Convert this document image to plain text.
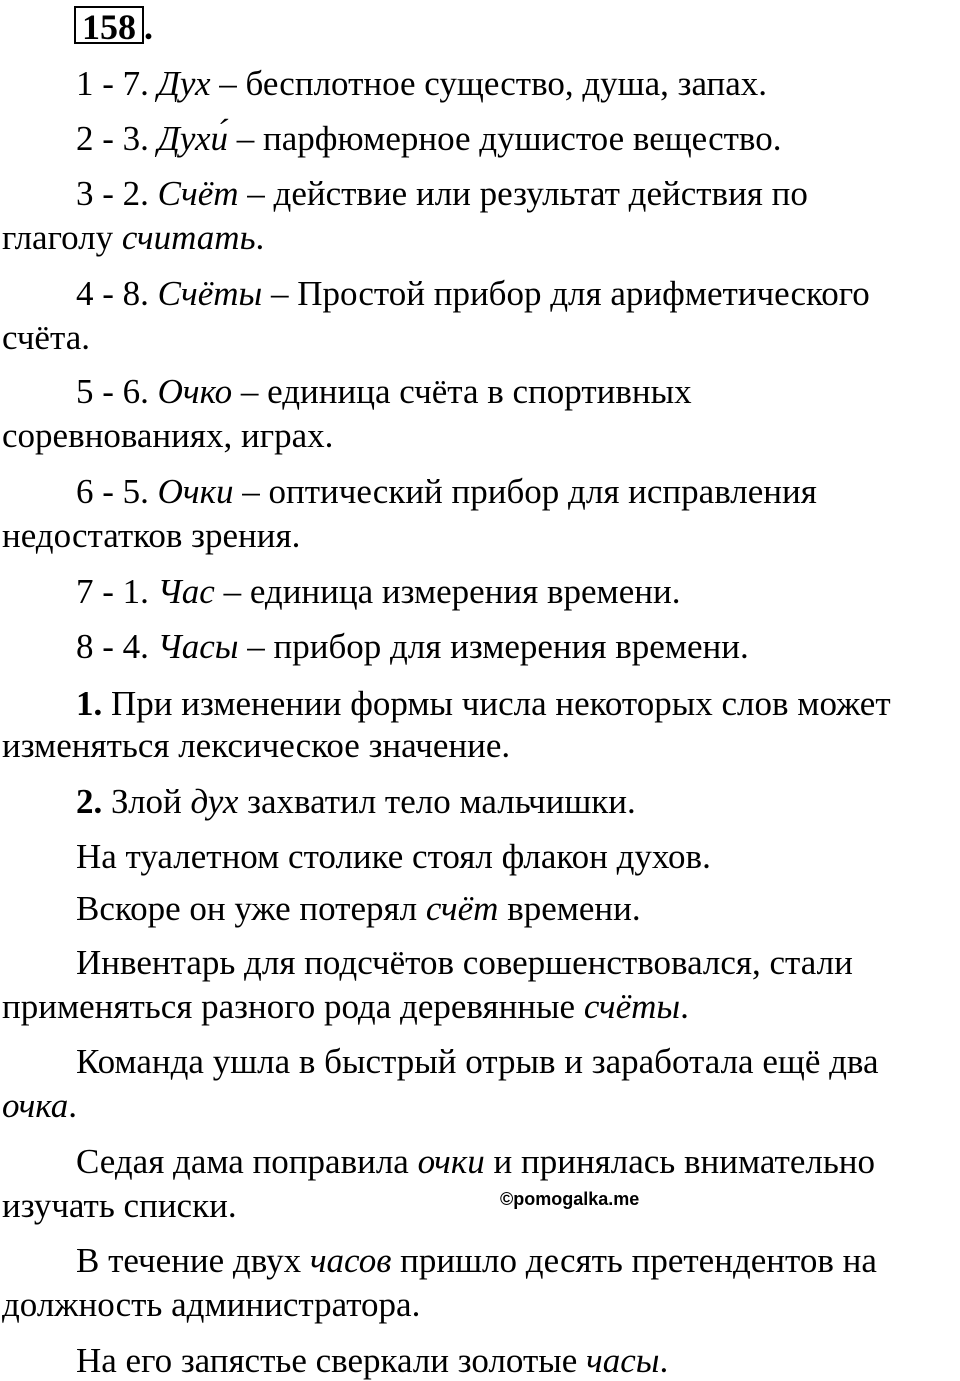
158 .
1 - 7. Дух – бесплотное существо, душа, запах.
2 - 3. Духи́ – парфюмерное душистое вещество.
3 - 2. Счёт – действие или результат действия по
глаголу считать.
4 - 8. Счёты – Простой прибор для арифметического
счёта.
5 - 6. Очко – единица счёта в спортивных
соревнованиях, играх.
6 - 5. Очки – оптический прибор для исправления
недостатков зрения.
7 - 1. Час – единица измерения времени.
8 - 4. Часы – прибор для измерения времени.
1. При изменении формы числа некоторых слов может
изменяться лексическое значение.
2. Злой дух захватил тело мальчишки.
На туалетном столике стоял флакон духов.
Вскоре он уже потерял счёт времени.
Инвентарь для подсчётов совершенствовался, стали
применяться разного рода деревянные счёты.
Команда ушла в быстрый отрыв и заработала ещё два
очка.
Седая дама поправила очки и принялась внимательно
изучать списки.	©pomogalka.me
В течение двух часов пришло десять претендентов на
должность администратора.
На его запястье сверкали золотые часы.
